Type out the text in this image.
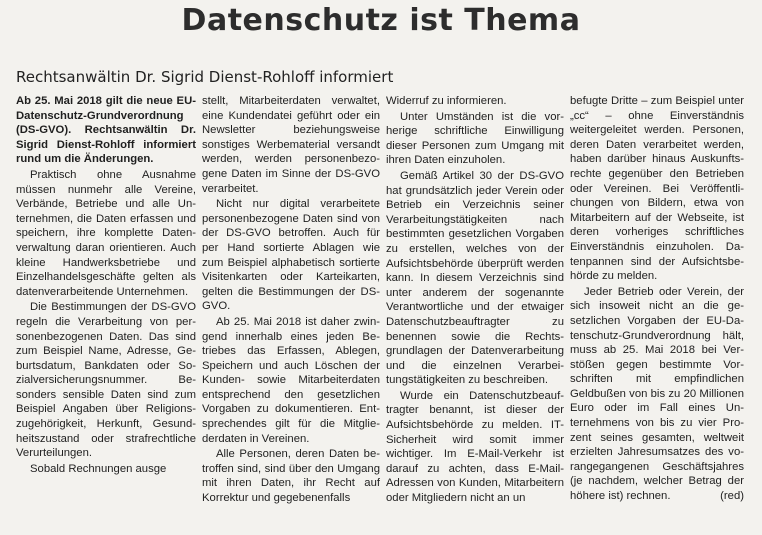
Datenschutz ist Thema
Rechtsanwältin Dr. Sigrid Dienst-Rohloff informiert

Ab 25. Mai 2018 gilt die neue EU-Datenschutz-Grundverordnung (DS-GVO). Rechtsanwältin Dr. Sigrid Dienst-Rohloff informiert rund um die Änderungen.

Praktisch ohne Ausnahme müssen nunmehr alle Vereine, Verbände, Betriebe und alle Unternehmen, die Daten erfassen und speichern, ihre komplette Datenverwaltung daran orientieren. Auch kleine Handwerksbetriebe und Einzelhandelsgeschäfte gelten als datenverarbeitende Unternehmen.

Die Bestimmungen der DS-GVO regeln die Verarbeitung von personenbezogenen Daten. Das sind zum Beispiel Name, Adresse, Geburtsdatum, Bankdaten oder Sozialversicherungsnummer. Besonders sensible Daten sind zum Beispiel Angaben über Religionszugehörigkeit, Herkunft, Gesundheitszustand oder strafrechtliche Verurteilungen.

Sobald Rechnungen ausge

stellt, Mitarbeiterdaten verwaltet, eine Kundendatei geführt oder ein Newsletter beziehungsweise sonstiges Werbematerial versandt werden, werden personenbezogene Daten im Sinne der DS-GVO verarbeitet.

Nicht nur digital verarbeitete personenbezogene Daten sind von der DS-GVO betroffen. Auch für per Hand sortierte Ablagen wie zum Beispiel alphabetisch sortierte Visitenkarten oder Karteikarten, gelten die Bestimmungen der DS-GVO.

Ab 25. Mai 2018 ist daher zwingend innerhalb eines jeden Betriebes das Erfassen, Ablegen, Speichern und auch Löschen der Kunden- sowie Mitarbeiterdaten entsprechend den gesetzlichen Vorgaben zu dokumentieren. Entsprechendes gilt für die Mitgliederdaten in Vereinen.

Alle Personen, deren Daten betroffen sind, sind über den Umgang mit ihren Daten, ihr Recht auf Korrektur und gegebenenfalls

Widerruf zu informieren.

Unter Umständen ist die vorherige schriftliche Einwilligung dieser Personen zum Umgang mit ihren Daten einzuholen.

Gemäß Artikel 30 der DS-GVO hat grundsätzlich jeder Verein oder Betrieb ein Verzeichnis seiner Verarbeitungstätigkeiten nach bestimmten gesetzlichen Vorgaben zu erstellen, welches von der Aufsichtsbehörde überprüft werden kann. In diesem Verzeichnis sind unter anderem der sogenannte Verantwortliche und der etwaiger Datenschutzbeauftragter zu benennen sowie die Rechtsgrundlagen der Datenverarbeitung und die einzelnen Verarbeitungstätigkeiten zu beschreiben.

Wurde ein Datenschutzbeauftragter benannt, ist dieser der Aufsichtsbehörde zu melden. IT-Sicherheit wird somit immer wichtiger. Im E-Mail-Verkehr ist darauf zu achten, dass E-Mail-Adressen von Kunden, Mitarbeitern oder Mitgliedern nicht an un

befugte Dritte – zum Beispiel unter „cc“ – ohne Einverständnis weitergeleitet werden. Personen, deren Daten verarbeitet werden, haben darüber hinaus Auskunftsrechte gegenüber den Betrieben oder Vereinen. Bei Veröffentlichungen von Bildern, etwa von Mitarbeitern auf der Webseite, ist deren vorheriges schriftliches Einverständnis einzuholen. Datenpannen sind der Aufsichtsbehörde zu melden.

Jeder Betrieb oder Verein, der sich insoweit nicht an die gesetzlichen Vorgaben der EU-Datenschutz-Grundverordnung hält, muss ab 25. Mai 2018 bei Verstößen gegen bestimmte Vorschriften mit empfindlichen Geldbußen von bis zu 20 Millionen Euro oder im Fall eines Unternehmens von bis zu vier Prozent seines gesamten, weltweit erzielten Jahresumsatzes des vorangegangenen Geschäftsjahres (je nachdem, welcher Betrag der höhere ist) rechnen.	(red)
